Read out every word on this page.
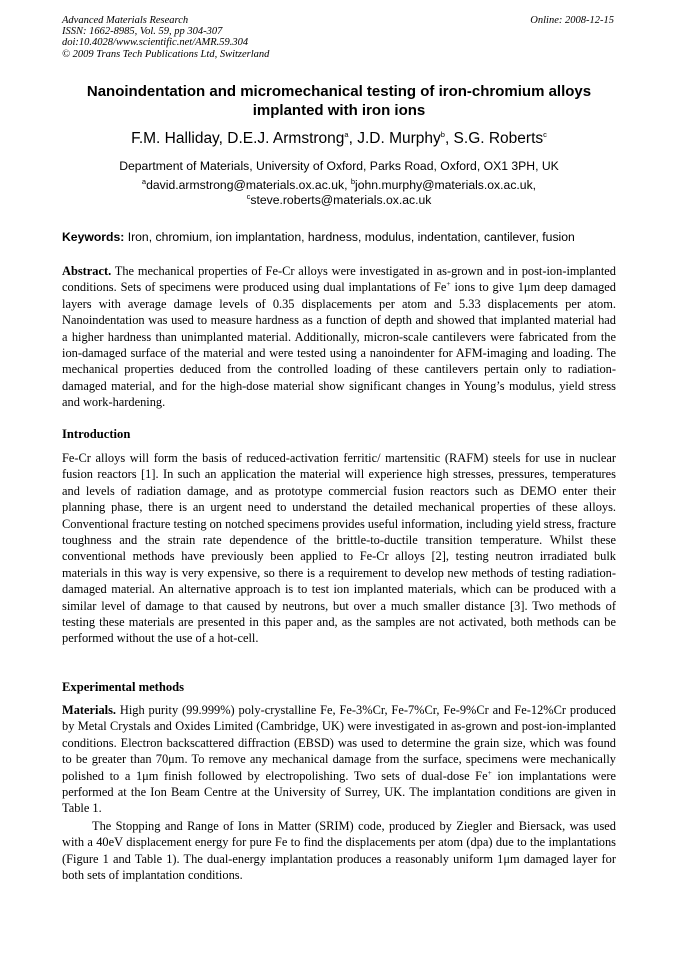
Advanced Materials Research
ISSN: 1662-8985, Vol. 59, pp 304-307
doi:10.4028/www.scientific.net/AMR.59.304
© 2009 Trans Tech Publications Ltd, Switzerland
Online: 2008-12-15
Nanoindentation and micromechanical testing of iron-chromium alloys implanted with iron ions
F.M. Halliday, D.E.J. Armstrong$^a$, J.D. Murphy$^b$, S.G. Roberts$^c$
Department of Materials, University of Oxford, Parks Road, Oxford, OX1 3PH, UK
$^a$david.armstrong@materials.ox.ac.uk, $^b$john.murphy@materials.ox.ac.uk,
$^c$steve.roberts@materials.ox.ac.uk
Keywords: Iron, chromium, ion implantation, hardness, modulus, indentation, cantilever, fusion
Abstract. The mechanical properties of Fe-Cr alloys were investigated in as-grown and in post-ion-implanted conditions. Sets of specimens were produced using dual implantations of Fe+ ions to give 1μm deep damaged layers with average damage levels of 0.35 displacements per atom and 5.33 displacements per atom. Nanoindentation was used to measure hardness as a function of depth and showed that implanted material had a higher hardness than unimplanted material. Additionally, micron-scale cantilevers were fabricated from the ion-damaged surface of the material and were tested using a nanoindenter for AFM-imaging and loading. The mechanical properties deduced from the controlled loading of these cantilevers pertain only to radiation-damaged material, and for the high-dose material show significant changes in Young’s modulus, yield stress and work-hardening.
Introduction
Fe-Cr alloys will form the basis of reduced-activation ferritic/ martensitic (RAFM) steels for use in nuclear fusion reactors [1]. In such an application the material will experience high stresses, pressures, temperatures and levels of radiation damage, and as prototype commercial fusion reactors such as DEMO enter their planning phase, there is an urgent need to understand the detailed mechanical properties of these alloys. Conventional fracture testing on notched specimens provides useful information, including yield stress, fracture toughness and the strain rate dependence of the brittle-to-ductile transition temperature. Whilst these conventional methods have previously been applied to Fe-Cr alloys [2], testing neutron irradiated bulk materials in this way is very expensive, so there is a requirement to develop new methods of testing radiation-damaged material. An alternative approach is to test ion implanted materials, which can be produced with a similar level of damage to that caused by neutrons, but over a much smaller distance [3]. Two methods of testing these materials are presented in this paper and, as the samples are not activated, both methods can be performed without the use of a hot-cell.
Experimental methods
Materials. High purity (99.999%) poly-crystalline Fe, Fe-3%Cr, Fe-7%Cr, Fe-9%Cr and Fe-12%Cr produced by Metal Crystals and Oxides Limited (Cambridge, UK) were investigated in as-grown and post-ion-implanted conditions. Electron backscattered diffraction (EBSD) was used to determine the grain size, which was found to be greater than 70μm. To remove any mechanical damage from the surface, specimens were mechanically polished to a 1μm finish followed by electropolishing. Two sets of dual-dose Fe+ ion implantations were performed at the Ion Beam Centre at the University of Surrey, UK. The implantation conditions are given in Table 1.
The Stopping and Range of Ions in Matter (SRIM) code, produced by Ziegler and Biersack, was used with a 40eV displacement energy for pure Fe to find the displacements per atom (dpa) due to the implantations (Figure 1 and Table 1). The dual-energy implantation produces a reasonably uniform 1μm damaged layer for both sets of implantation conditions.
